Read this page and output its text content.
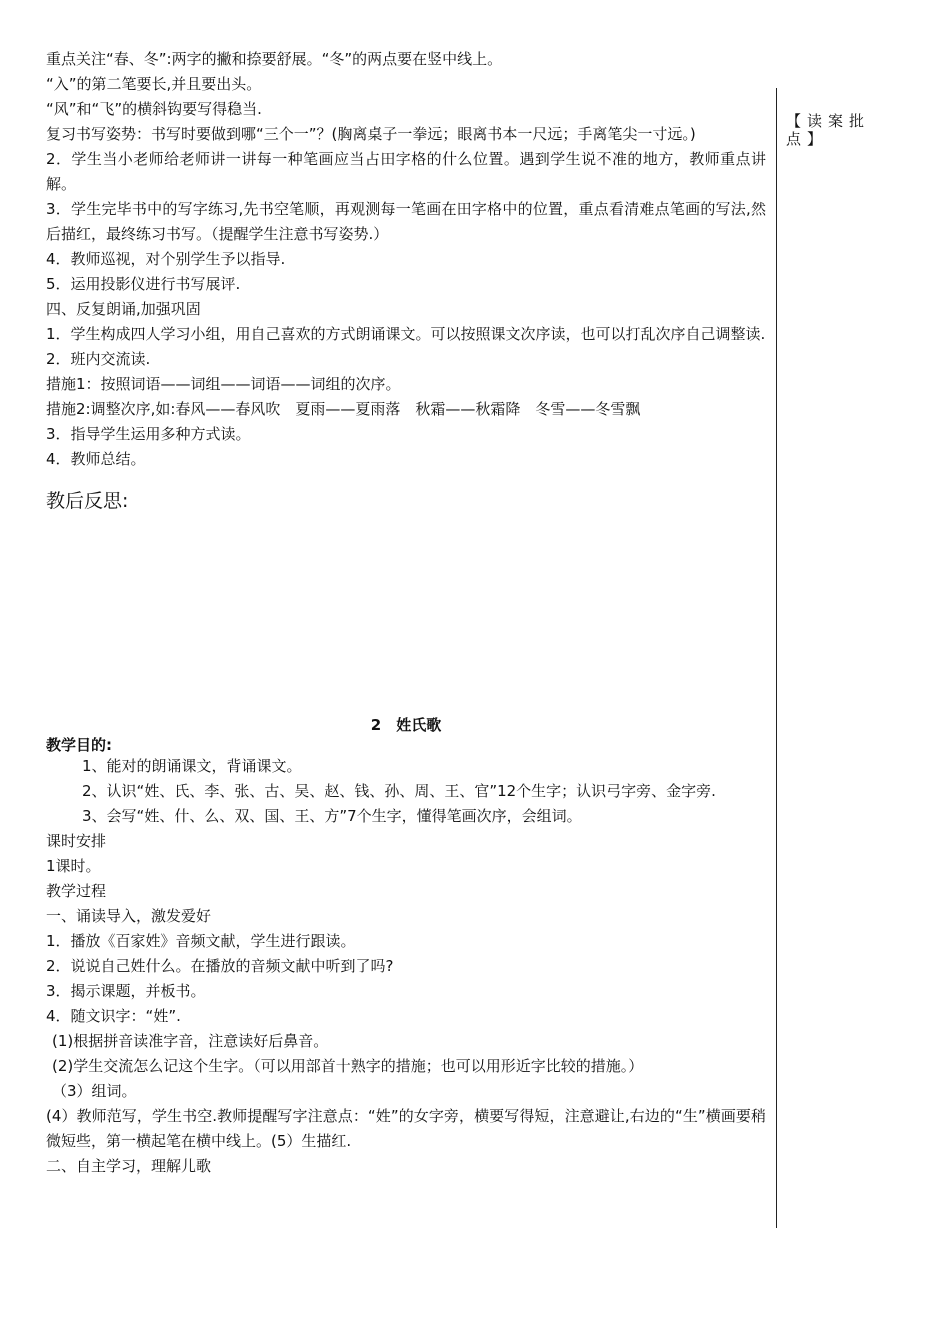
重点关注“春、冬”:两字的撇和捺要舒展。“冬”的两点要在竖中线上。

“入”的第二笔要长,并且要出头。

“风”和“飞”的横斜钩要写得稳当.

复习书写姿势：书写时要做到哪“三个一”？(胸离桌子一拳远；眼离书本一尺远；手离笔尖一寸远。)

2．学生当小老师给老师讲一讲每一种笔画应当占田字格的什么位置。遇到学生说不准的地方，教师重点讲解。

3．学生完毕书中的写字练习,先书空笔顺，再观测每一笔画在田字格中的位置，重点看清难点笔画的写法,然后描红，最终练习书写。（提醒学生注意书写姿势.）

4．教师巡视，对个别学生予以指导.

5．运用投影仪进行书写展评.

四、反复朗诵,加强巩固

1．学生构成四人学习小组，用自己喜欢的方式朗诵课文。可以按照课文次序读，也可以打乱次序自己调整读.

2．班内交流读.

措施1：按照词语——词组——词语——词组的次序。

措施2:调整次序,如:春风——春风吹　夏雨——夏雨落　秋霜——秋霜降　冬雪——冬雪飘

3．指导学生运用多种方式读。

4．教师总结。

教后反思:

2　姓氏歌

教学目的:

1、能对的朗诵课文，背诵课文。

2、认识“姓、氏、李、张、古、吴、赵、钱、孙、周、王、官”12个生字；认识弓字旁、金字旁.

3、会写“姓、什、么、双、国、王、方”7个生字，懂得笔画次序，会组词。

课时安排

1课时。

教学过程

一、诵读导入，激发爱好

1．播放《百家姓》音频文献，学生进行跟读。

2．说说自己姓什么。在播放的音频文献中听到了吗?

3．揭示课题，并板书。

4．随文识字：“姓”.

(1)根据拼音读准字音，注意读好后鼻音。

(2)学生交流怎么记这个生字。（可以用部首十熟字的措施；也可以用形近字比较的措施。）

（3）组词。

(4）教师范写，学生书空.教师提醒写字注意点：“姓”的女字旁，横要写得短，注意避让,右边的“生”横画要稍微短些，第一横起笔在横中线上。(5）生描红.

二、自主学习，理解儿歌

【读案批点】
